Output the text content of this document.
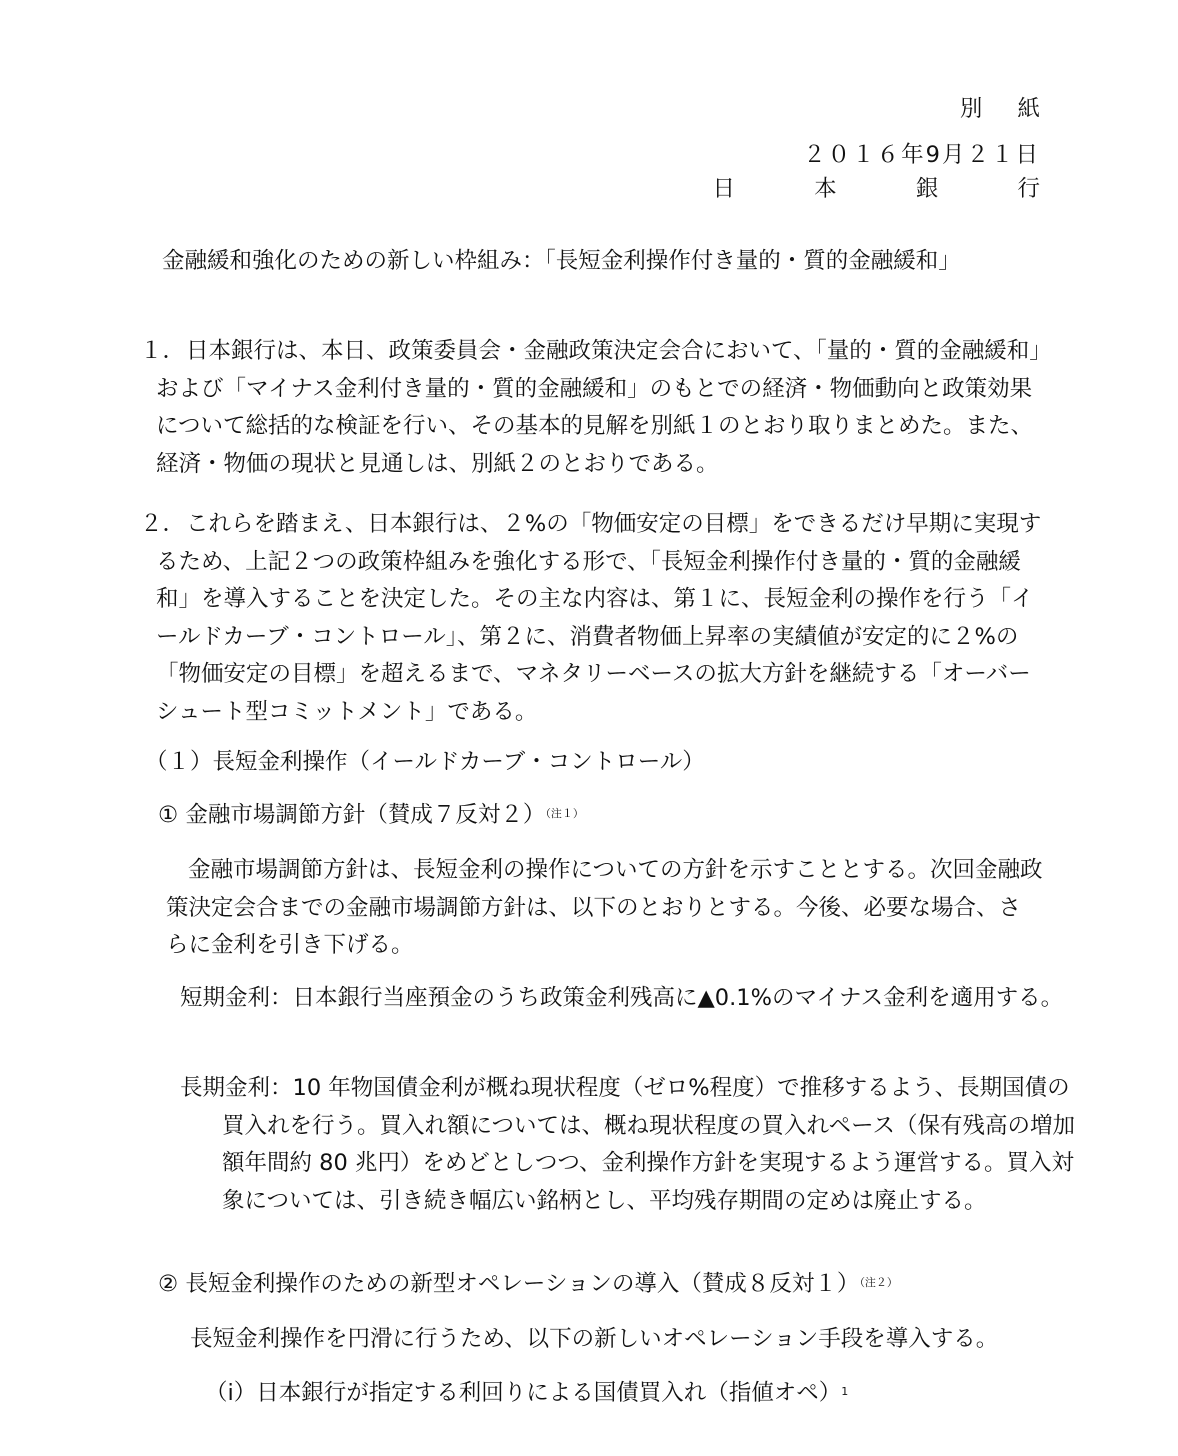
別 紙
２０１６年9月２１日
日 本 銀 行
金融緩和強化のための新しい枠組み：「長短金利操作付き量的・質的金融緩和」
１． 日本銀行は、本日、政策委員会・金融政策決定会合において、「量的・質的金融緩和」および「マイナス金利付き量的・質的金融緩和」のもとでの経済・物価動向と政策効果について総括的な検証を行い、その基本的見解を別紙１のとおり取りまとめた。また、経済・物価の現状と見通しは、別紙２のとおりである。
２． これらを踏まえ、日本銀行は、２%の「物価安定の目標」をできるだけ早期に実現するため、上記２つの政策枠組みを強化する形で、「長短金利操作付き量的・質的金融緩和」を導入することを決定した。その主な内容は、第１に、長短金利の操作を行う「イールドカーブ・コントロール」、第２に、消費者物価上昇率の実績値が安定的に２%の「物価安定の目標」を超えるまで、マネタリーベースの拡大方針を継続する「オーバーシュート型コミットメント」である。
（１）長短金利操作（イールドカーブ・コントロール）
① 金融市場調節方針（賛成７反対２）$^{(注1)}$
金融市場調節方針は、長短金利の操作についての方針を示すこととする。次回金融政策決定会合までの金融市場調節方針は、以下のとおりとする。今後、必要な場合、さらに金利を引き下げる。
短期金利：日本銀行当座預金のうち政策金利残高に▲0.1%のマイナス金利を適用する。
長期金利：10 年物国債金利が概ね現状程度（ゼロ%程度）で推移するよう、長期国債の買入れを行う。買入れ額については、概ね現状程度の買入れペース（保有残高の増加額年間約 80 兆円）をめどとしつつ、金利操作方針を実現するよう運営する。買入対象については、引き続き幅広い銘柄とし、平均残存期間の定めは廃止する。
② 長短金利操作のための新型オペレーションの導入（賛成８反対１）$^{(注2)}$
長短金利操作を円滑に行うため、以下の新しいオペレーション手段を導入する。
（ⅰ）日本銀行が指定する利回りによる国債買入れ（指値オペ）$^1$
